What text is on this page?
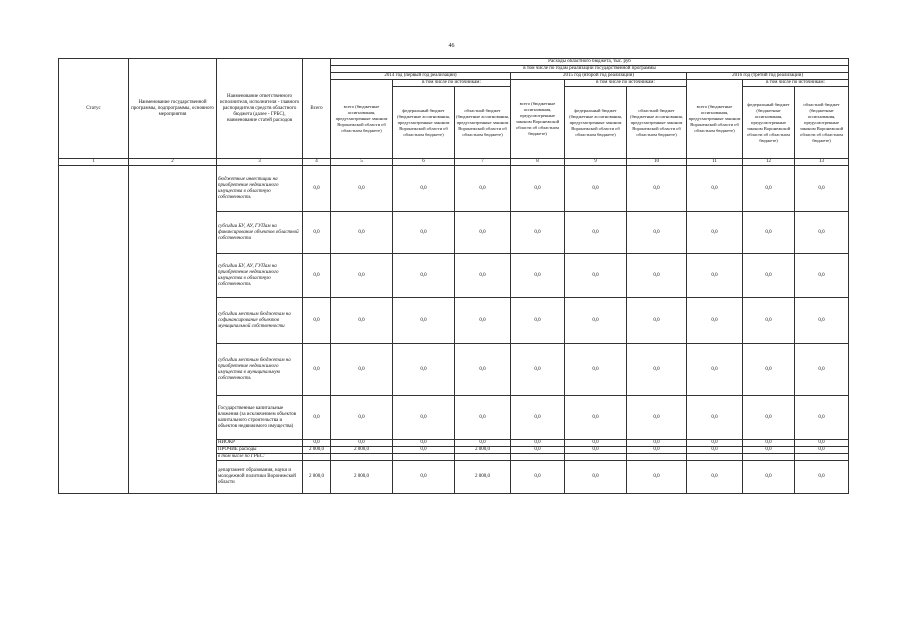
46
Статус	Наименование государственной программы, подпрограммы, основного мероприятия	Наименование ответственного исполнителя, исполнителя - главного распорядителя средств областного бюджета (далее - ГРБС), наименование статей расходов	Всего	Расходы областного бюджета, тыс. руб								
				в том числе по годам реализации государственной программы								
				2014 год (первый год реализации)			2015 год (второй год реализации)			2016 год (третий год реализации)		
				всего (бюджетные ассигнования, предусмотренные законом Воронежской области об областном бюджете)	в том числе по источникам:		всего (бюджетные ассигнования, предусмотренные законом Воронежской области об областном бюджете)	в том числе по источникам:		всего (бюджетные ассигнования, предусмотренные законом Воронежской области об областном бюджете)	в том числе по источникам:	
					федеральный бюджет (бюджетные ассигнования, предусмотренные законом Воронежской области об областном бюджете)	областной бюджет (бюджетные ассигнования, предусмотренные законом Воронежской области об областном бюджете)		федеральный бюджет (бюджетные ассигнования, предусмотренные законом Воронежской области об областном бюджете)	областной бюджет (бюджетные ассигнования, предусмотренные законом Воронежской области об областном бюджете)		федеральный бюджет (бюджетные ассигнования, предусмотренные законом Воронежской области об областном бюджете)	областной бюджет (бюджетные ассигнования, предусмотренные законом Воронежской области об областном бюджете)
1	2	3	4	5	6	7	8	9	10	11	12	13
		бюджетные инвестиции на приобретение недвижимого имущества в областную собственность	0,0	0,0	0,0	0,0	0,0	0,0	0,0	0,0	0,0	0,0
		субсидии БУ, АУ, ГУПам на финансирование объектов областной собственности	0,0	0,0	0,0	0,0	0,0	0,0	0,0	0,0	0,0	0,0
		субсидии БУ, АУ, ГУПам на приобретение недвижимого имущества в областную собственность	0,0	0,0	0,0	0,0	0,0	0,0	0,0	0,0	0,0	0,0
		субсидии местным бюджетам на софинансирование объектов муниципальной собственности	0,0	0,0	0,0	0,0	0,0	0,0	0,0	0,0	0,0	0,0
		субсидии местным бюджетам на приобретение недвижимого имущества в муниципальную собственность	0,0	0,0	0,0	0,0	0,0	0,0	0,0	0,0	0,0	0,0
		Государственные капитальные вложения (за исключением объектов капитального строительства и объектов недвижимого имущества)	0,0	0,0	0,0	0,0	0,0	0,0	0,0	0,0	0,0	0,0
		НИОКР	0,0	0,0	0,0	0,0	0,0	0,0	0,0	0,0	0,0	0,0
		ПРОЧИЕ расходы	2 000,0	2 000,0	0,0	2 000,0	0,0	0,0	0,0	0,0	0,0	0,0
		в том числе по ГРБС:										
		департамент образования, науки и молодежной политики Воронежской области	2 000,0	2 000,0	0,0	2 000,0	0,0	0,0	0,0	0,0	0,0	0,0
